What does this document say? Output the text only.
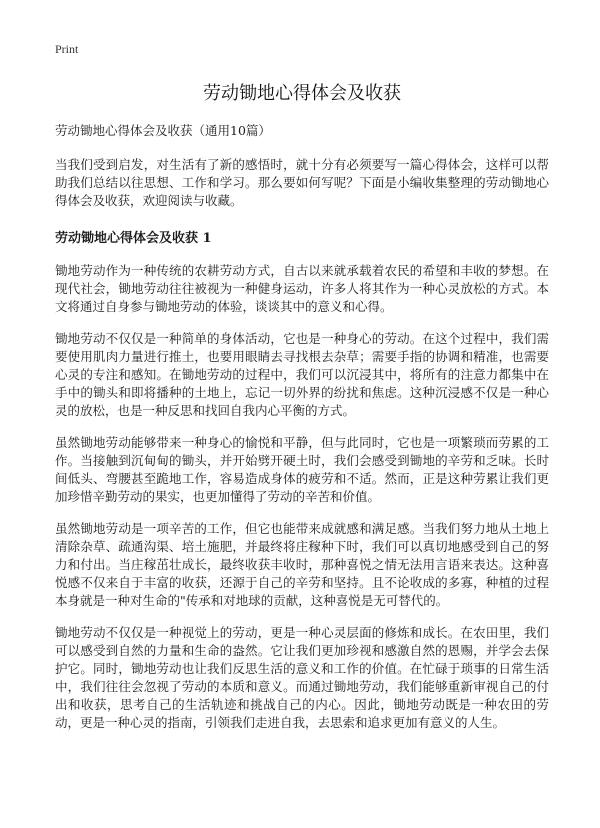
Print
劳动锄地心得体会及收获
劳动锄地心得体会及收获（通用10篇）

当我们受到启发，对生活有了新的感悟时，就十分有必须要写一篇心得体会，这样可以帮助我们总结以往思想、工作和学习。那么要如何写呢？下面是小编收集整理的劳动锄地心得体会及收获，欢迎阅读与收藏。

劳动锄地心得体会及收获 1

锄地劳动作为一种传统的农耕劳动方式，自古以来就承载着农民的希望和丰收的梦想。在现代社会，锄地劳动往往被视为一种健身运动，许多人将其作为一种心灵放松的方式。本文将通过自身参与锄地劳动的体验，谈谈其中的意义和心得。

锄地劳动不仅仅是一种简单的身体活动，它也是一种身心的劳动。在这个过程中，我们需要使用肌肉力量进行推土，也要用眼睛去寻找根去杂草；需要手指的协调和精准，也需要心灵的专注和感知。在锄地劳动的过程中，我们可以沉浸其中，将所有的注意力都集中在手中的锄头和即将播种的土地上，忘记一切外界的纷扰和焦虑。这种沉浸感不仅是一种心灵的放松，也是一种反思和找回自我内心平衡的方式。

虽然锄地劳动能够带来一种身心的愉悦和平静，但与此同时，它也是一项繁琐而劳累的工作。当接触到沉甸甸的锄头，并开始劈开硬土时，我们会感受到锄地的辛劳和乏味。长时间低头、弯腰甚至跪地工作，容易造成身体的疲劳和不适。然而，正是这种劳累让我们更加珍惜辛勤劳动的果实，也更加懂得了劳动的辛苦和价值。

虽然锄地劳动是一项辛苦的工作，但它也能带来成就感和满足感。当我们努力地从土地上清除杂草、疏通沟渠、培土施肥，并最终将庄稼种下时，我们可以真切地感受到自己的努力和付出。当庄稼茁壮成长，最终收获丰收时，那种喜悦之情无法用言语来表达。这种喜悦感不仅来自于丰富的收获，还源于自己的辛劳和坚持。且不论收成的多寡，种植的过程本身就是一种对生命的"传承和对地球的贡献，这种喜悦是无可替代的。

锄地劳动不仅仅是一种视觉上的劳动，更是一种心灵层面的修炼和成长。在农田里，我们可以感受到自然的力量和生命的盎然。它让我们更加珍视和感激自然的恩赐，并学会去保护它。同时，锄地劳动也让我们反思生活的意义和工作的价值。在忙碌于琐事的日常生活中，我们往往会忽视了劳动的本质和意义。而通过锄地劳动，我们能够重新审视自己的付出和收获，思考自己的生活轨迹和挑战自己的内心。因此，锄地劳动既是一种农田的劳动，更是一种心灵的指南，引领我们走进自我，去思索和追求更加有意义的人生。
